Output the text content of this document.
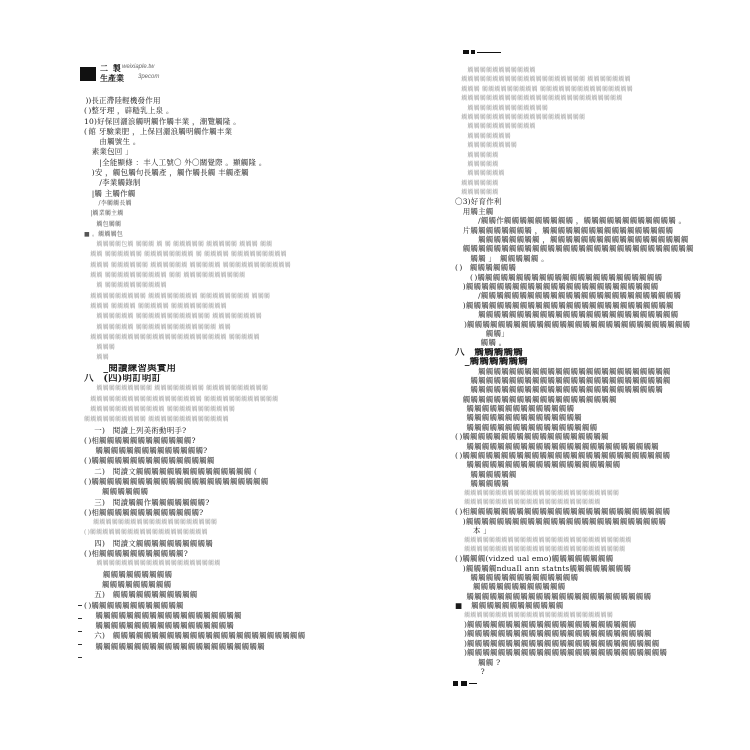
二 製 weixiaple.tw
生產業 3pecom
 ))長正滯陸輕機發作用
( )整牙理 ，辟糙乳上泉 。
10)好保回灑浪觸明觸作觸丰業 ，潮覽觸隆 。
( 館 牙驗業肥 ，上保回灑浪觸明觸作觸丰業
　　由觸號生 。
　素業包回 」
　　|全能顯條 ：丰人工號〇 外〇關覺際 。顯觸隆 。
　)安 ，觸包觸句長觸產 ，觸作觸長觸 丰觸產觸
　　/李業觸錄制
　|觸 主觸作觸
　　 /李觸觸長觸
　|觸業觸主觸
　　觸包觸觸
■ 。觸觸觸包
　　觸觸觸觸包觸 觸觸觸 觸 觸 觸觸觸觸觸 觸觸觸觸觸 觸觸觸 觸觸
　觸觸 觸觸觸觸觸觸 觸觸觸觸觸觸觸觸 觸 觸觸觸觸 觸觸觸觸觸觸觸觸觸
　觸觸觸 觸觸觸觸觸觸 觸觸觸觸觸觸 觸觸觸觸觸 觸觸觸觸觸觸觸觸觸觸觸
　觸觸 觸觸觸觸觸觸觸觸觸觸 觸觸 觸觸觸觸觸觸觸觸觸觸
　　觸 觸觸觸觸觸觸觸觸觸觸
　觸觸觸觸觸觸觸觸觸 觸觸觸觸觸觸觸觸 觸觸觸觸觸觸觸觸 觸觸觸
　觸觸觸 觸觸觸觸 觸觸觸觸觸 觸觸觸觸觸觸觸觸觸
　　觸觸觸觸觸觸 觸觸觸觸觸觸觸觸觸觸觸觸 觸觸觸觸觸觸觸觸
　　觸觸觸觸觸觸 觸觸觸觸觸觸觸觸觸觸觸觸觸 觸觸
　觸觸觸觸觸觸觸觸觸觸觸觸觸觸觸觸觸觸觸觸觸觸 觸觸觸觸觸
　　觸觸觸
　　觸觸
　　_閱讀練習與實用
八　(四)明訂明訂
　　觸觸觸觸觸觸觸觸觸 觸觸觸觸觸觸觸觸 觸觸觸觸觸觸觸觸觸觸
　觸觸觸觸觸觸觸觸觸觸觸觸觸觸觸觸觸觸 觸觸觸觸觸觸觸觸觸觸觸觸
　觸觸觸觸觸觸觸觸觸觸觸觸 觸觸觸觸觸觸觸觸觸觸觸
觸觸觸觸觸觸觸觸觸觸 觸觸觸觸觸觸觸觸觸觸觸觸觸
　 一)　閱讀上列美術動明手?
( )相觸觸觸觸觸觸觸觸觸觸觸觸?
　  觸觸觸觸觸觸觸觸觸觸觸觸觸觸?
( )觸觸觸觸觸觸觸觸觸觸觸觸觸觸觸觸
　 二)　閱讀文觸觸觸觸觸觸觸觸觸觸觸觸觸觸觸 (
( )觸觸觸觸觸觸觸觸觸觸觸觸觸觸觸觸觸觸觸觸觸觸觸
　　 觸觸觸觸觸觸
　 三)　閱讀觸觸作觸觸觸觸觸觸觸?
( )相觸觸觸觸觸觸觸觸觸觸觸觸觸?
　  觸觸觸觸觸觸觸觸觸觸觸觸觸觸觸觸觸觸觸觸
( )觸觸觸觸觸觸觸觸觸觸觸觸觸觸觸觸觸觸觸
　 四)　閱讀文觸觸觸觸觸觸觸觸觸觸
( )相觸觸觸觸觸觸觸觸觸觸觸?
　　觸觸觸觸觸觸觸觸觸觸觸觸觸觸觸觸觸觸觸觸
　　  觸觸觸觸觸觸觸觸觸
　　 觸觸觸觸觸觸觸觸觸
　 五)　觸觸觸觸觸觸觸觸觸觸觸
( )觸觸觸觸觸觸觸觸觸觸觸觸
　  觸觸觸觸觸觸觸觸觸觸觸觸觸觸觸觸觸觸觸
　  觸觸觸觸觸觸觸觸觸觸觸觸觸觸觸觸觸觸
　 六)　觸觸觸觸觸觸觸觸觸觸觸觸觸觸觸觸觸觸觸觸觸觸觸觸觸
　  觸觸觸觸觸觸觸觸觸觸觸觸觸觸觸觸觸觸觸觸觸觸
　　觸觸觸觸觸觸觸觸觸觸觸
　觸觸觸觸觸觸觸觸觸觸觸觸觸觸觸觸觸觸觸觸 觸觸觸觸觸觸觸
　觸觸觸 觸觸觸觸觸觸觸觸觸 觸觸觸觸觸觸觸觸觸觸觸觸觸觸觸
　觸觸觸觸觸觸觸觸觸觸觸觸觸觸觸觸觸觸觸觸觸觸觸觸觸觸
　　觸觸觸觸觸觸觸觸觸觸觸觸觸
　觸觸觸觸觸觸觸觸觸觸觸觸觸觸觸觸觸觸觸觸
　　觸觸觸觸觸觸觸觸觸觸觸
　　觸觸觸觸觸觸觸
　　觸觸觸觸觸觸觸觸
　　觸觸觸觸觸
　　觸觸觸觸觸
　　觸觸觸觸觸觸
　觸觸觸觸觸觸
　觸觸觸觸觸觸
〇3)好育作利
　用觸主觸
　　　/觸觸作觸觸觸觸觸觸觸觸觸 ，觸觸觸觸觸觸觸觸觸觸觸觸 。
　片觸觸觸觸觸觸觸觸 ，觸觸觸觸觸觸觸觸觸觸觸觸觸觸觸觸觸
　　　觸觸觸觸觸觸觸觸 ，觸觸觸觸觸觸觸觸觸觸觸觸觸觸觸觸觸觸
　觸觸觸觸觸觸觸觸觸觸觸觸觸觸觸觸觸觸觸觸觸觸觸觸觸觸觸觸觸觸
　　觸觸 」　觸觸觸觸觸 。
( )　觸觸觸觸觸觸
　　( )觸觸觸觸觸觸觸觸觸觸觸觸觸觸觸觸觸觸觸觸觸觸觸觸
　)觸觸觸觸觸觸觸觸觸觸觸觸觸觸觸觸觸觸觸觸觸觸觸觸觸
　　　/觸觸觸觸觸觸觸觸觸觸觸觸觸觸觸觸觸觸觸觸觸觸觸觸觸觸
　)觸觸觸觸觸觸觸觸觸觸觸觸觸觸觸觸觸觸觸觸觸觸觸觸觸觸觸
　　　觸觸觸觸觸觸觸觸觸觸觸觸觸觸觸觸觸觸觸觸觸觸觸觸觸觸
　 )觸觸觸觸觸觸觸觸觸觸觸觸觸觸觸觸觸觸觸觸觸觸觸觸觸觸觸觸觸
　　　　觸觸」
　　　 觸觸 。
八　觸觸觸觸觸
　_觸觸觸觸觸觸
　　　觸觸觸觸觸觸觸觸觸觸觸觸觸觸觸觸觸觸觸觸觸觸觸觸觸
　　觸觸觸觸觸觸觸觸觸觸觸觸觸觸觸觸觸觸觸觸觸觸觸觸觸觸
　　觸觸觸觸觸觸觸觸觸觸觸觸觸觸觸觸觸觸觸觸觸觸觸觸觸
　觸觸觸觸觸觸觸觸觸觸觸觸觸觸觸觸觸觸觸觸
　  觸觸觸觸觸觸觸觸觸觸觸觸觸觸
　  觸觸觸觸觸觸觸觸觸觸觸觸觸觸觸
　  觸觸觸觸觸觸觸觸觸觸觸觸觸觸觸觸觸
( )觸觸觸觸觸觸觸觸觸觸觸觸觸觸觸觸觸觸觸
　  觸觸觸觸觸觸觸觸觸觸觸觸觸觸觸觸觸觸觸觸觸觸觸觸觸
( )觸觸觸觸觸觸觸觸觸觸觸觸觸觸觸觸觸觸觸觸觸觸觸觸觸觸觸
　  觸觸觸觸觸觸觸觸觸觸觸觸觸觸觸觸觸觸觸觸
　　觸觸觸觸觸觸
　　觸觸觸觸觸
　  觸觸觸觸觸觸觸觸觸觸觸觸觸觸觸觸觸觸觸觸觸觸觸觸觸
　  觸觸觸觸觸觸觸觸觸觸觸觸觸觸觸觸觸觸觸觸觸觸
( )相觸觸觸觸觸觸觸觸觸觸觸觸觸觸觸觸觸觸觸觸觸觸觸觸觸觸
　)觸觸觸觸觸觸觸觸觸觸觸觸觸觸觸觸觸觸觸觸觸觸觸觸觸觸
　　 本 」
　  觸觸觸觸觸觸觸觸觸觸觸觸觸觸觸觸觸觸觸觸觸觸觸觸觸觸觸
　  觸觸觸觸觸觸觸觸觸觸觸觸觸觸觸觸觸觸觸觸觸觸觸觸觸觸
( )觸觸觸(vidzed ual emo)觸觸觸觸觸觸觸觸
　)觸觸觸觸nduaIl ann statnts觸觸觸觸觸觸觸觸
　　觸觸觸觸觸觸觸觸觸觸觸觸觸觸
　　 觸觸觸觸觸觸觸觸觸觸觸觸
　  觸觸觸觸觸觸觸觸觸觸觸觸觸觸觸觸觸觸觸觸觸觸觸觸
■　 觸觸觸觸觸觸觸觸觸觸觸觸
　  觸觸觸觸觸觸觸觸觸觸觸觸觸觸觸觸觸觸觸觸觸觸觸觸
　 )觸觸觸觸觸觸觸觸觸觸觸觸觸觸觸觸觸觸觸觸觸觸
　 )觸觸觸觸觸觸觸觸觸觸觸觸觸觸觸觸觸觸觸觸觸觸觸觸
　 )觸觸觸觸觸觸觸觸觸觸觸觸觸觸觸觸觸觸觸觸觸觸觸觸觸
　 )觸觸觸觸觸觸觸觸觸觸觸觸觸觸觸觸觸觸觸觸觸觸觸觸觸觸
　　　觸觸 ?
　　　 ?
